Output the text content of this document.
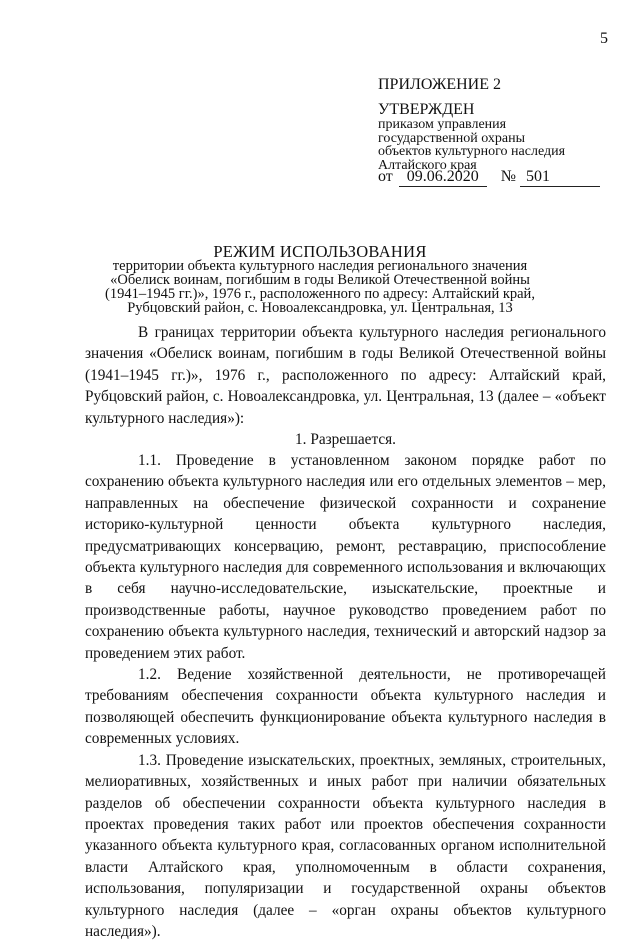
5
ПРИЛОЖЕНИЕ 2
УТВЕРЖДЕН
приказом управления
государственной охраны
объектов культурного наследия
Алтайского края
от 09.06.2020 № 501
РЕЖИМ ИСПОЛЬЗОВАНИЯ
территории объекта культурного наследия регионального значения
«Обелиск воинам, погибшим в годы Великой Отечественной войны
(1941–1945 гг.)», 1976 г., расположенного по адресу: Алтайский край,
Рубцовский район, с. Новоалександровка, ул. Центральная, 13

В границах территории объекта культурного наследия регионального значения «Обелиск воинам, погибшим в годы Великой Отечественной войны (1941–1945 гг.)», 1976 г., расположенного по адресу: Алтайский край, Рубцовский район, с. Новоалександровка, ул. Центральная, 13 (далее – «объект культурного наследия»):

1. Разрешается.

1.1. Проведение в установленном законом порядке работ по сохранению объекта культурного наследия или его отдельных элементов – мер, направленных на обеспечение физической сохранности и сохранение историко-культурной ценности объекта культурного наследия, предусматривающих консервацию, ремонт, реставрацию, приспособление объекта культурного наследия для современного использования и включающих в себя научно-исследовательские, изыскательские, проектные и производственные работы, научное руководство проведением работ по сохранению объекта культурного наследия, технический и авторский надзор за проведением этих работ.

1.2. Ведение хозяйственной деятельности, не противоречащей требованиям обеспечения сохранности объекта культурного наследия и позволяющей обеспечить функционирование объекта культурного наследия в современных условиях.

1.3. Проведение изыскательских, проектных, земляных, строительных, мелиоративных, хозяйственных и иных работ при наличии обязательных разделов об обеспечении сохранности объекта культурного наследия в проектах проведения таких работ или проектов обеспечения сохранности указанного объекта культурного края, согласованных органом исполнительной власти Алтайского края, уполномоченным в области сохранения, использования, популяризации и государственной охраны объектов культурного наследия (далее – «орган охраны объектов культурного наследия»).
